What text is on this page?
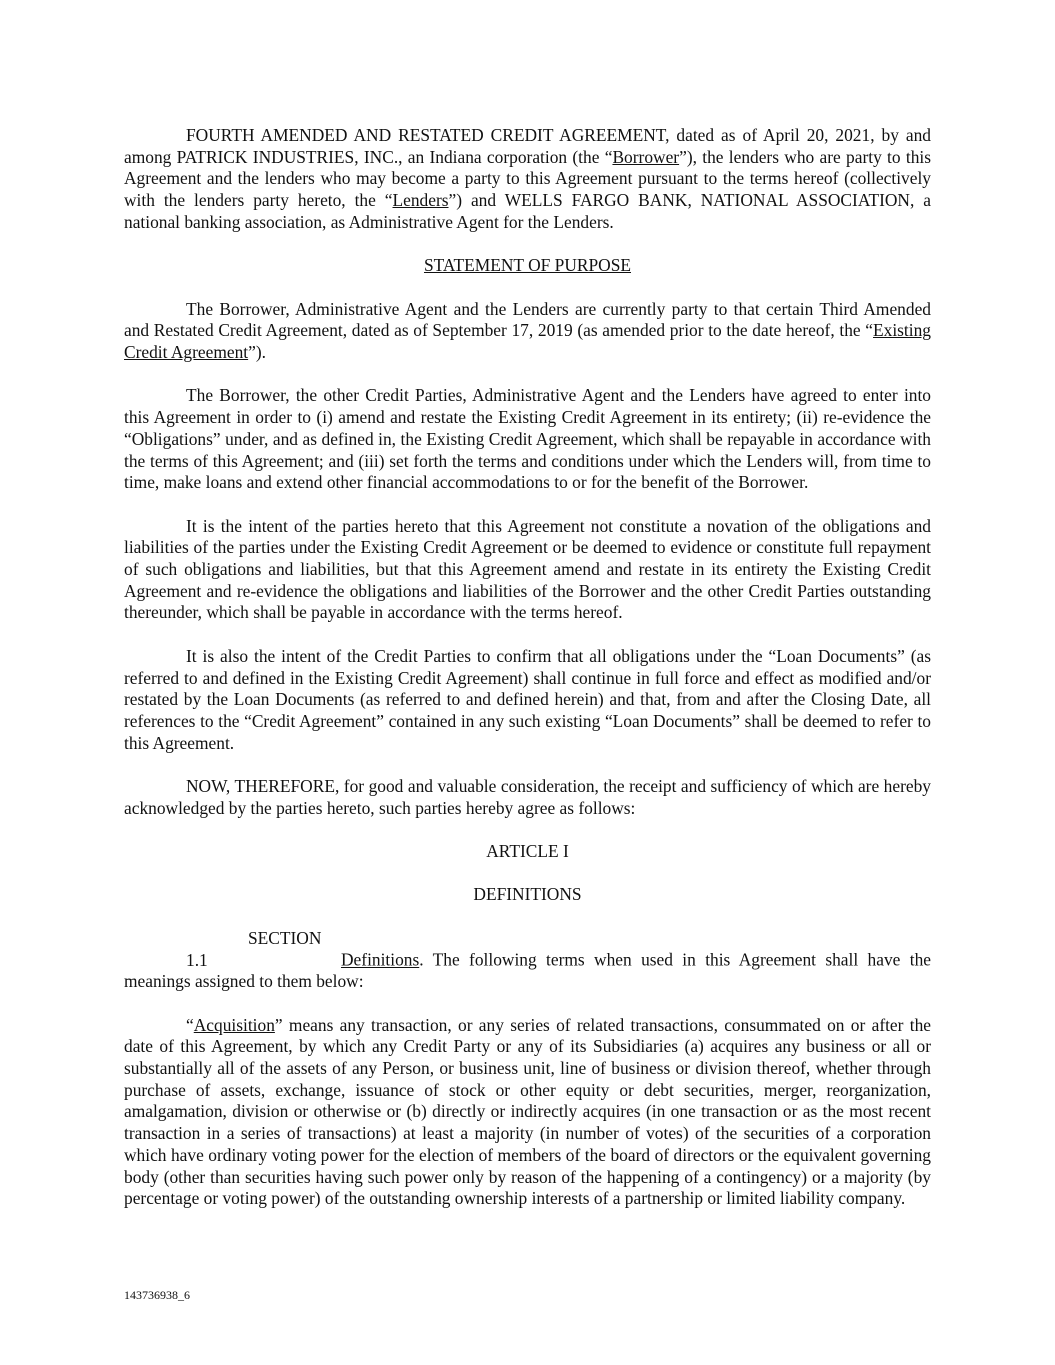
FOURTH AMENDED AND RESTATED CREDIT AGREEMENT, dated as of April 20, 2021, by and among PATRICK INDUSTRIES, INC., an Indiana corporation (the “Borrower”), the lenders who are party to this Agreement and the lenders who may become a party to this Agreement pursuant to the terms hereof (collectively with the lenders party hereto, the “Lenders”) and WELLS FARGO BANK, NATIONAL ASSOCIATION, a national banking association, as Administrative Agent for the Lenders.

STATEMENT OF PURPOSE

The Borrower, Administrative Agent and the Lenders are currently party to that certain Third Amended and Restated Credit Agreement, dated as of September 17, 2019 (as amended prior to the date hereof, the “Existing Credit Agreement”).

The Borrower, the other Credit Parties, Administrative Agent and the Lenders have agreed to enter into this Agreement in order to (i) amend and restate the Existing Credit Agreement in its entirety; (ii) re-evidence the “Obligations” under, and as defined in, the Existing Credit Agreement, which shall be repayable in accordance with the terms of this Agreement; and (iii) set forth the terms and conditions under which the Lenders will, from time to time, make loans and extend other financial accommodations to or for the benefit of the Borrower.

It is the intent of the parties hereto that this Agreement not constitute a novation of the obligations and liabilities of the parties under the Existing Credit Agreement or be deemed to evidence or constitute full repayment of such obligations and liabilities, but that this Agreement amend and restate in its entirety the Existing Credit Agreement and re-evidence the obligations and liabilities of the Borrower and the other Credit Parties outstanding thereunder, which shall be payable in accordance with the terms hereof.

It is also the intent of the Credit Parties to confirm that all obligations under the “Loan Documents” (as referred to and defined in the Existing Credit Agreement) shall continue in full force and effect as modified and/or restated by the Loan Documents (as referred to and defined herein) and that, from and after the Closing Date, all references to the “Credit Agreement” contained in any such existing “Loan Documents” shall be deemed to refer to this Agreement.

NOW, THEREFORE, for good and valuable consideration, the receipt and sufficiency of which are hereby acknowledged by the parties hereto, such parties hereby agree as follows:

ARTICLE I

DEFINITIONS

SECTION 1.1	Definitions. The following terms when used in this Agreement shall have the meanings assigned to them below:

“Acquisition” means any transaction, or any series of related transactions, consummated on or after the date of this Agreement, by which any Credit Party or any of its Subsidiaries (a) acquires any business or all or substantially all of the assets of any Person, or business unit, line of business or division thereof, whether through purchase of assets, exchange, issuance of stock or other equity or debt securities, merger, reorganization, amalgamation, division or otherwise or (b) directly or indirectly acquires (in one transaction or as the most recent transaction in a series of transactions) at least a majority (in number of votes) of the securities of a corporation which have ordinary voting power for the election of members of the board of directors or the equivalent governing body (other than securities having such power only by reason of the happening of a contingency) or a majority (by percentage or voting power) of the outstanding ownership interests of a partnership or limited liability company.

143736938_6
